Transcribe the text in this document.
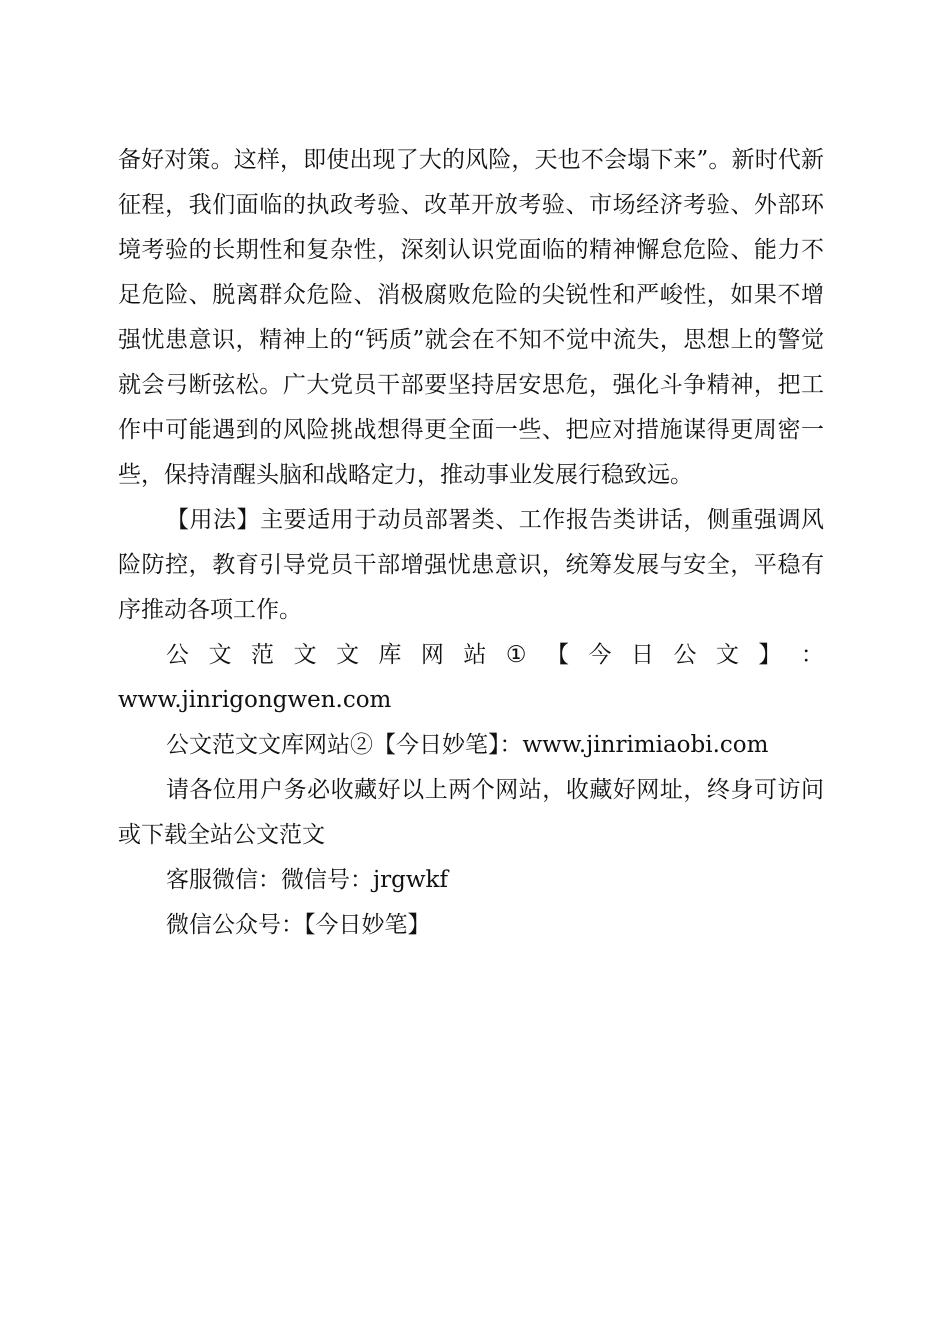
备好对策。这样，即使出现了大的风险，天也不会塌下来”。新时代新征程，我们面临的执政考验、改革开放考验、市场经济考验、外部环境考验的长期性和复杂性，深刻认识党面临的精神懈怠危险、能力不足危险、脱离群众危险、消极腐败危险的尖锐性和严峻性，如果不增强忧患意识，精神上的“钙质”就会在不知不觉中流失，思想上的警觉就会弓断弦松。广大党员干部要坚持居安思危，强化斗争精神，把工作中可能遇到的风险挑战想得更全面一些、把应对措施谋得更周密一些，保持清醒头脑和战略定力，推动事业发展行稳致远。

【用法】主要适用于动员部署类、工作报告类讲话，侧重强调风险防控，教育引导党员干部增强忧患意识，统筹发展与安全，平稳有序推动各项工作。

公 文 范 文 文 库 网 站 ① 【 今 日 公 文 】 ：

www.jinrigongwen.com

公文范文文库网站②【今日妙笔】：www.jinrimiaobi.com

请各位用户务必收藏好以上两个网站，收藏好网址，终身可访问或下载全站公文范文

客服微信：微信号：jrgwkf

微信公众号：【今日妙笔】
